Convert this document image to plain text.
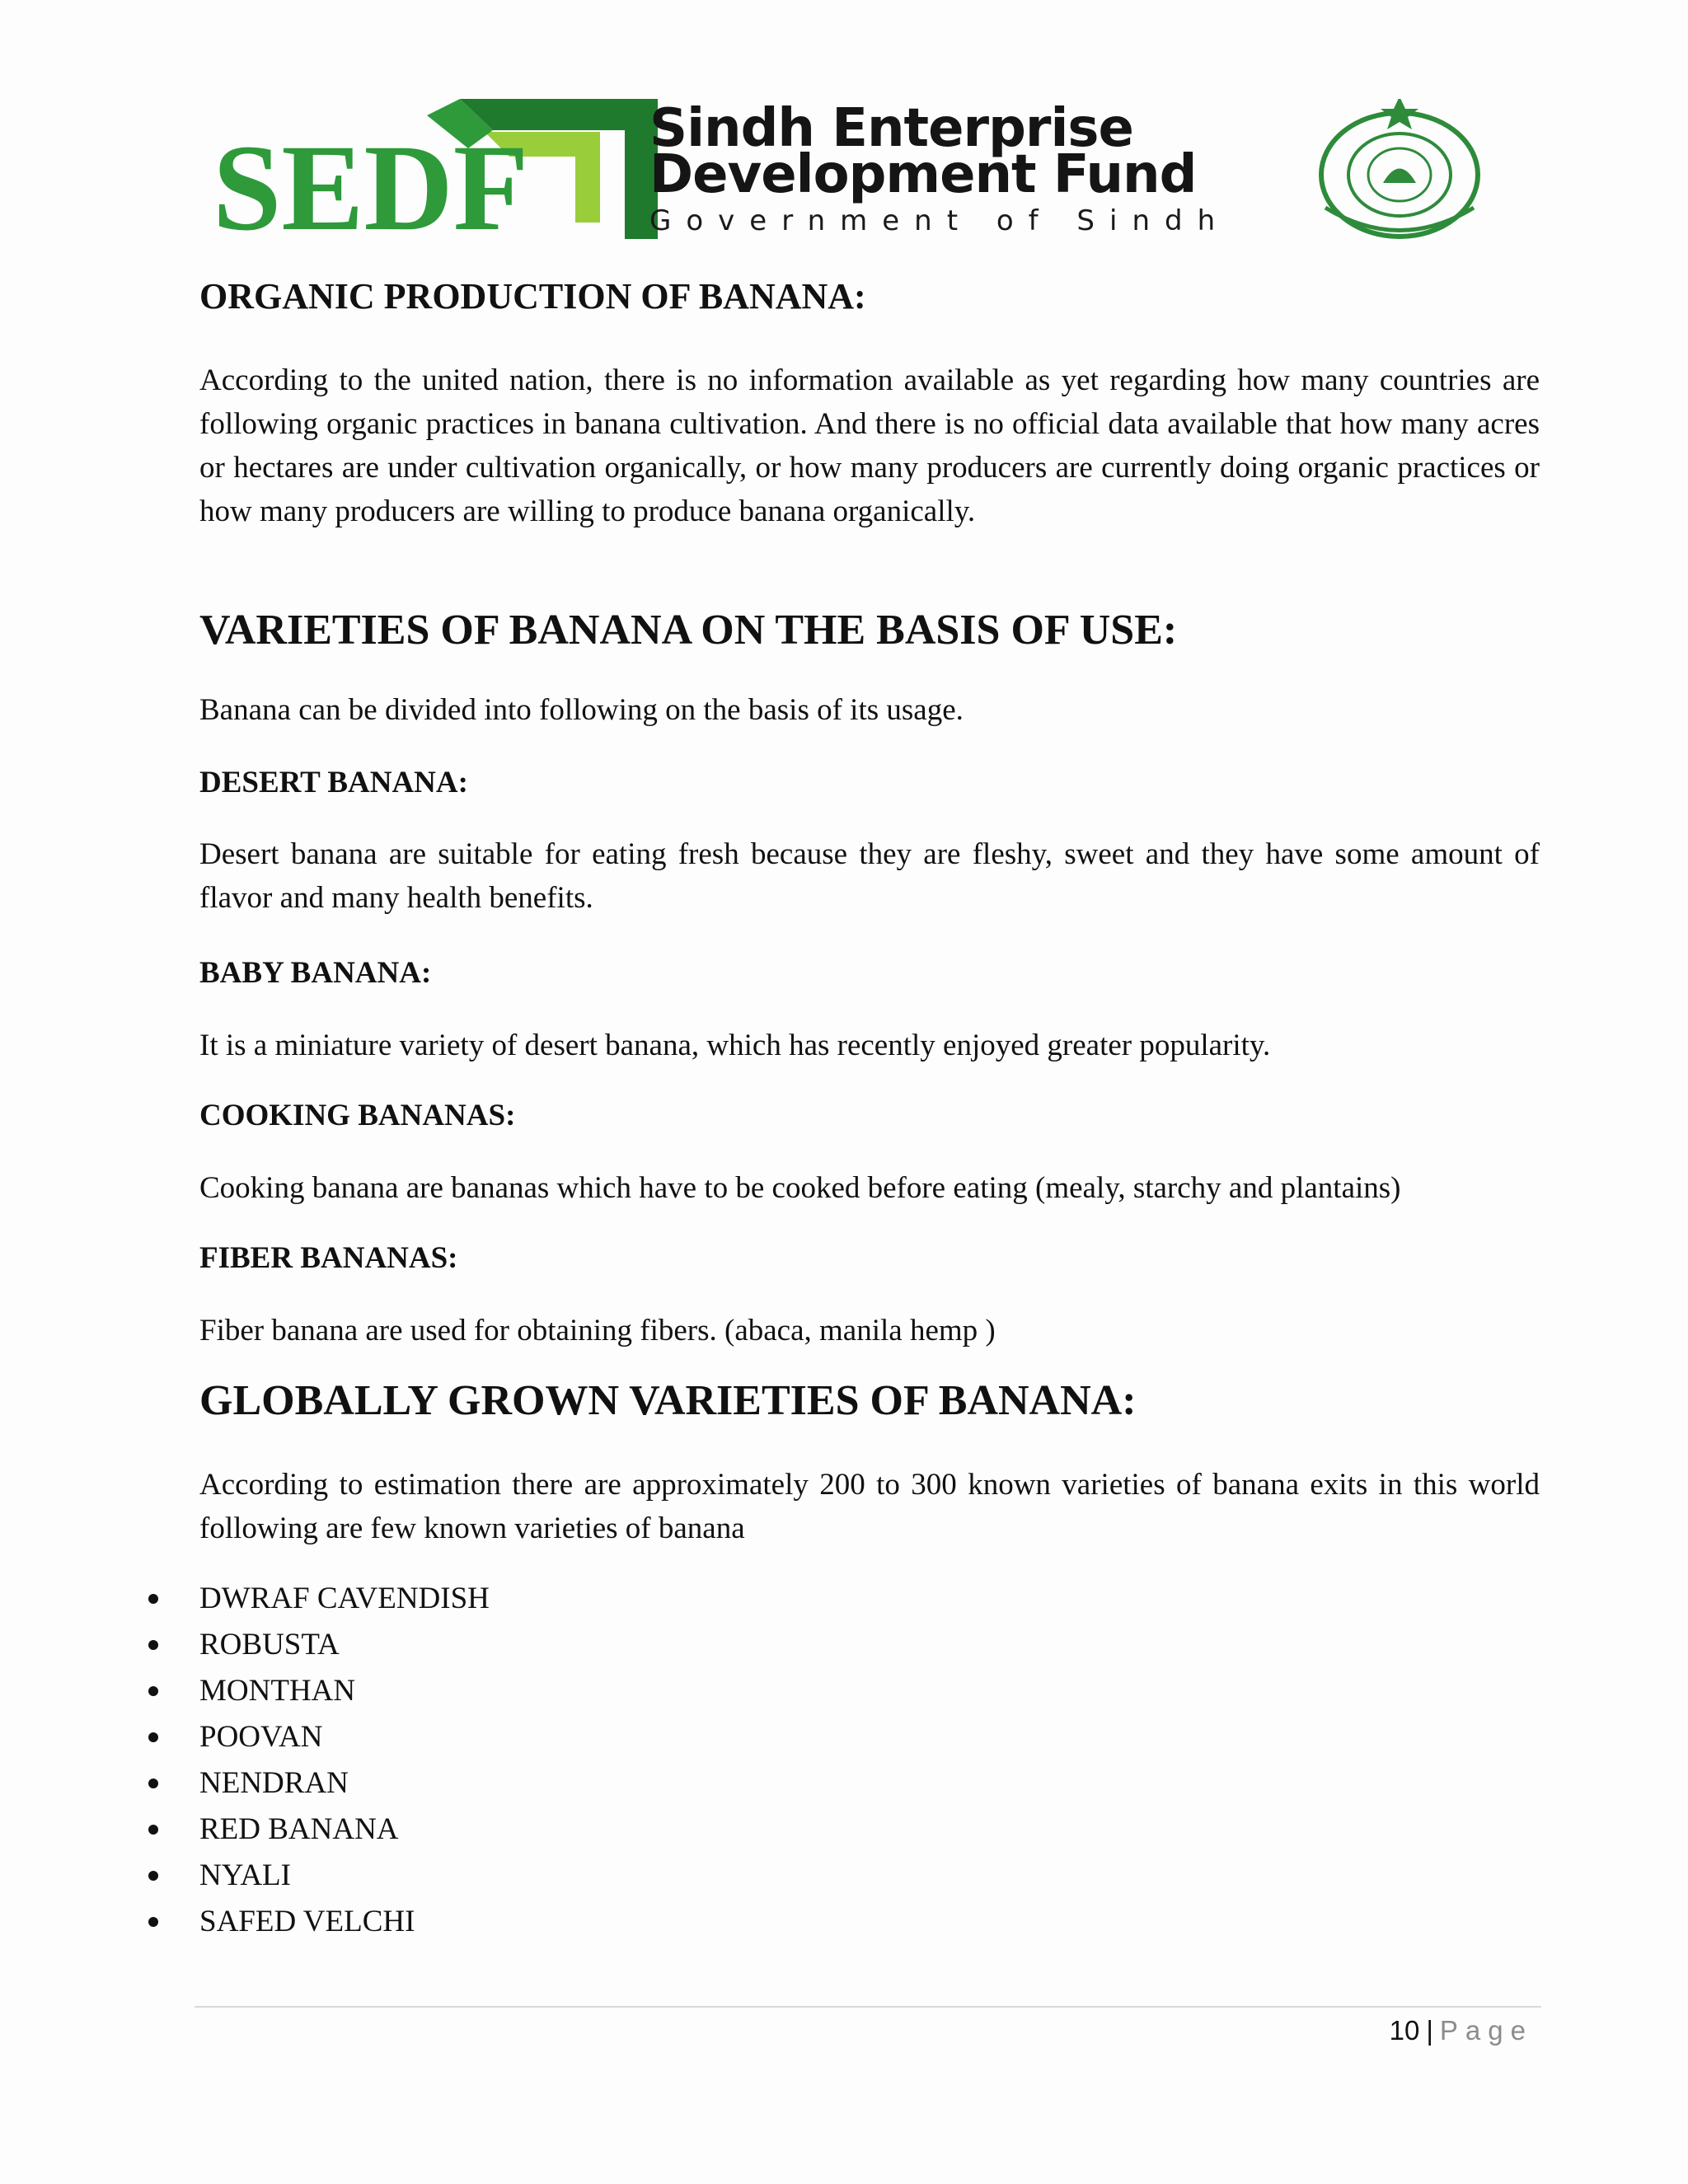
SEDF Sindh Enterprise
Development Fund
Government of Sindh
ORGANIC PRODUCTION OF BANANA:

According to the united nation, there is no information available as yet regarding how many countries are following organic practices in banana cultivation. And there is no official data available that how many acres or hectares are under cultivation organically, or how many producers are currently doing organic practices or how many producers are willing to produce banana organically.

VARIETIES OF BANANA ON THE BASIS OF USE:

Banana can be divided into following on the basis of its usage.

DESERT BANANA:

Desert banana are suitable for eating fresh because they are fleshy, sweet and they have some amount of flavor and many health benefits.

BABY BANANA:

It is a miniature variety of desert banana, which has recently enjoyed greater popularity.

COOKING BANANAS:

Cooking banana are bananas which have to be cooked before eating (mealy, starchy and plantains)

FIBER BANANAS:

Fiber banana are used for obtaining fibers. (abaca, manila hemp )

GLOBALLY GROWN VARIETIES OF BANANA:

According to estimation there are approximately 200 to 300 known varieties of banana exits in this world following are few known varieties of banana

DWRAF CAVENDISH
ROBUSTA
MONTHAN
POOVAN
NENDRAN
RED BANANA
NYALI
SAFED VELCHI
10 | Page
